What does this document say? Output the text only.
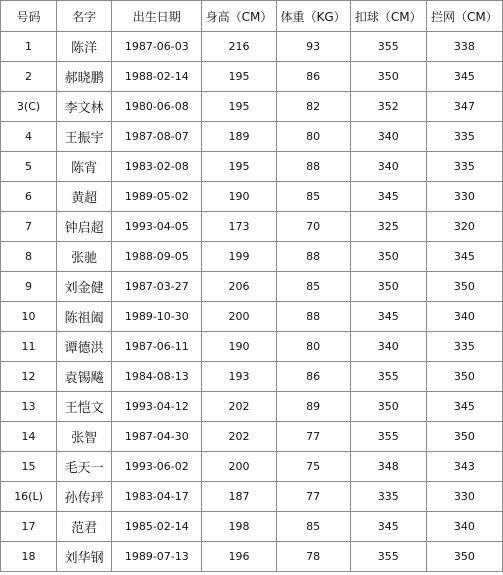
号码	名字	出生日期	身高（CM）	体重（KG）	扣球（CM）	拦网（CM）
1	陈洋	1987-06-03	216	93	355	338
2	郝晓鹏	1988-02-14	195	86	350	345
3(C)	李文林	1980-06-08	195	82	352	347
4	王振宇	1987-08-07	189	80	340	335
5	陈宵	1983-02-08	195	88	340	335
6	黄超	1989-05-02	190	85	345	330
7	钟启超	1993-04-05	173	70	325	320
8	张驰	1988-09-05	199	88	350	345
9	刘金健	1987-03-27	206	85	350	350
10	陈祖阖	1989-10-30	200	88	345	340
11	谭德洪	1987-06-11	190	80	340	335
12	袁锡飚	1984-08-13	193	86	355	350
13	王恺文	1993-04-12	202	89	350	345
14	张智	1987-04-30	202	77	355	350
15	毛天一	1993-06-02	200	75	348	343
16(L)	孙传玶	1983-04-17	187	77	335	330
17	范君	1985-02-14	198	85	345	340
18	刘华钢	1989-07-13	196	78	355	350
